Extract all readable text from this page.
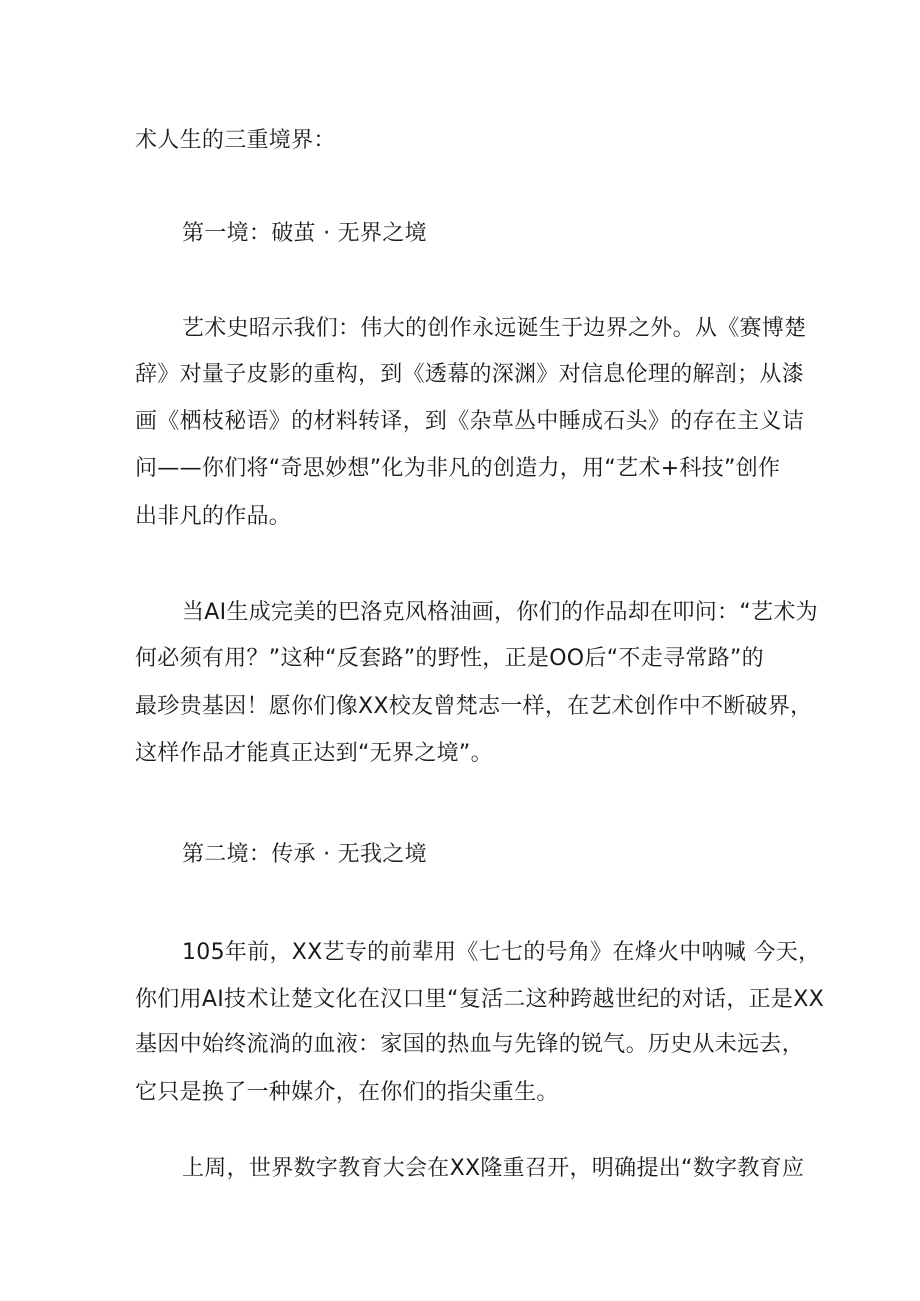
术人生的三重境界：
第一境：破茧 · 无界之境
艺术史昭示我们：伟大的创作永远诞生于边界之外。从《赛博楚
辞》对量子皮影的重构，到《透幕的深渊》对信息伦理的解剖；从漆
画《栖枝秘语》的材料转译，到《杂草丛中睡成石头》的存在主义诘
问——你们将“奇思妙想”化为非凡的创造力，用“艺术+科技”创作
出非凡的作品。
当AI生成完美的巴洛克风格油画，你们的作品却在叩问：“艺术为
何必须有用？”这种“反套路”的野性，正是OO后“不走寻常路”的
最珍贵基因！愿你们像XX校友曾梵志一样，在艺术创作中不断破界，
这样作品才能真正达到“无界之境”。
第二境：传承 · 无我之境
105年前，XX艺专的前辈用《七七的号角》在烽火中呐喊 今天，
你们用AI技术让楚文化在汉口里“复活二这种跨越世纪的对话，正是XX
基因中始终流淌的血液：家国的热血与先锋的锐气。历史从未远去，
它只是换了一种媒介，在你们的指尖重生。
上周，世界数字教育大会在XX隆重召开，明确提出“数字教育应
